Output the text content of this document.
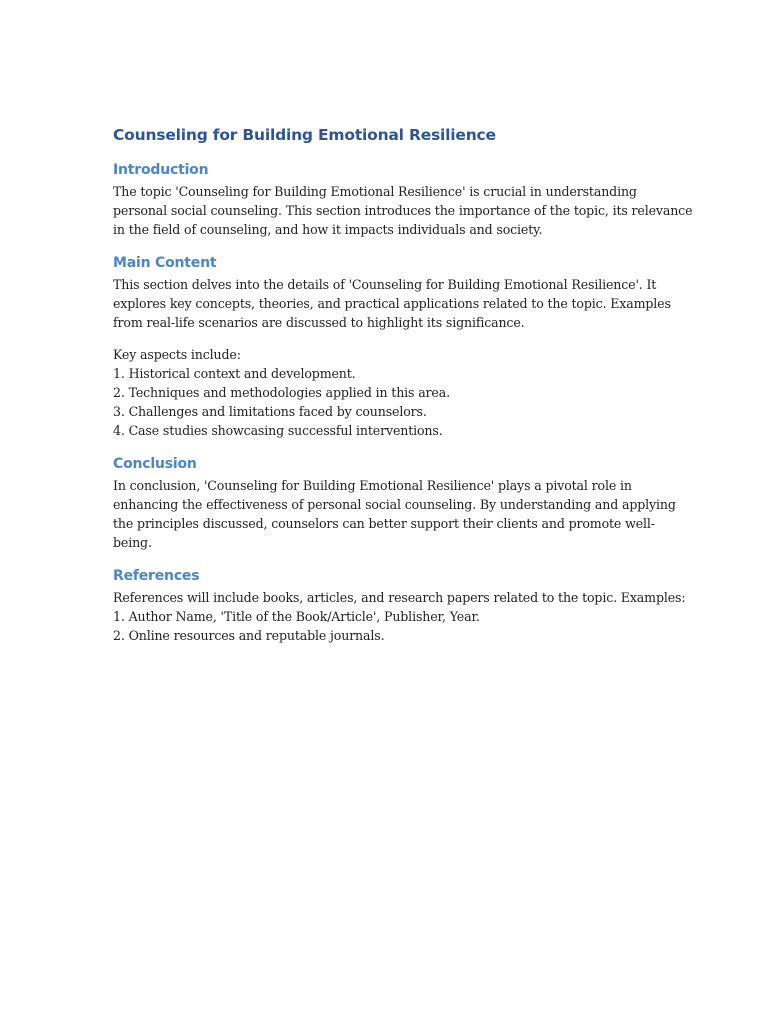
Counseling for Building Emotional Resilience
Introduction
The topic 'Counseling for Building Emotional Resilience' is crucial in understanding
personal social counseling. This section introduces the importance of the topic, its relevance
in the field of counseling, and how it impacts individuals and society.
Main Content
This section delves into the details of 'Counseling for Building Emotional Resilience'. It
explores key concepts, theories, and practical applications related to the topic. Examples
from real-life scenarios are discussed to highlight its significance.
Key aspects include:
1. Historical context and development.
2. Techniques and methodologies applied in this area.
3. Challenges and limitations faced by counselors.
4. Case studies showcasing successful interventions.
Conclusion
In conclusion, 'Counseling for Building Emotional Resilience' plays a pivotal role in
enhancing the effectiveness of personal social counseling. By understanding and applying
the principles discussed, counselors can better support their clients and promote well-
being.
References
References will include books, articles, and research papers related to the topic. Examples:
1. Author Name, 'Title of the Book/Article', Publisher, Year.
2. Online resources and reputable journals.
